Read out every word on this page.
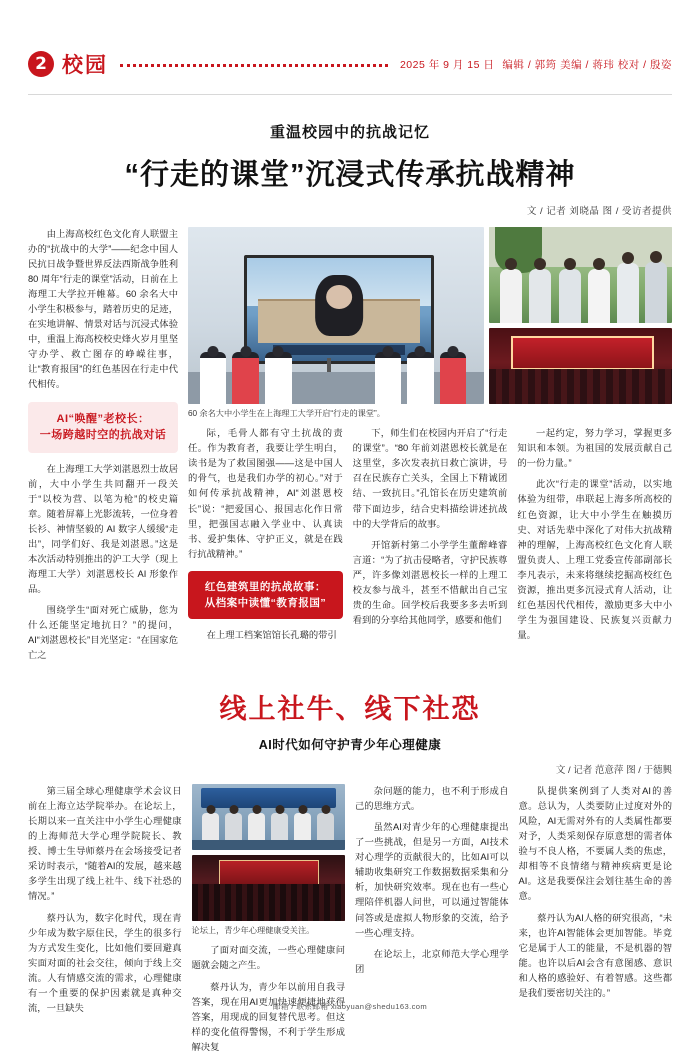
2 校园	2025 年 9 月 15 日 编辑 / 郭筠 美编 / 蒋玮 校对 / 殷姿
重温校园中的抗战记忆
“行走的课堂”沉浸式传承抗战精神
文 / 记者 刘晓晶 图 / 受访者提供

由上海高校红色文化育人联盟主办的“抗战中的大学”——纪念中国人民抗日战争暨世界反法西斯战争胜利 80 周年“行走的课堂”活动，日前在上海理工大学拉开帷幕。60 余名大中小学生积极参与，踏着历史的足迹，在实地讲解、情景对话与沉浸式体验中，重温上海高校校史烽火岁月里坚守办学、救亡图存的峥嵘往事，让“教育报国”的红色基因在行走中代代相传。

AI“唤醒”老校长：
一场跨越时空的抗战对话

在上海理工大学刘湛恩烈士故居前，大中小学生共同翻开一段关于“以校为营、以笔为枪”的校史篇章。随着屏幕上光影流转，一位身着长衫、神情坚毅的 AI 数字人缓缓“走出”，同学们好、我是刘湛恩。”这是本次活动特别推出的沪工大学（现上海理工大学）刘湛恩校长 AI 形象作品。

围绕学生“面对死亡威胁，您为什么还能坚定地抗日？”的提问，AI“刘湛恩校长”目光坚定：“在国家危亡之

60 余名大中小学生在上海理工大学开启“行走的课堂”。

际，毛骨人都有守土抗战的责任。作为教育者，我要让学生明白，读书是为了救国图强——这是中国人的骨气，也是我们办学的初心。”对于如何传承抗战精神，AI“刘湛恩校长”说：“把爱国心、报国志化作日常里，把强国志融入学业中、认真读书、爱护集体、守护正义，就是在践行抗战精神。”

红色建筑里的抗战故事：
从档案中读懂“教育报国”

在上理工档案馆馆长孔璐的带引

下，师生们在校园内开启了“行走的课堂”。“80 年前刘湛恩校长就是在这里堂，多次发表抗日救亡演讲，号召在民族存亡关头，全国上下精诚团结、一致抗日。”孔馆长在历史建筑前带下面边步，结合史料描绘讲述抗战中的大学背后的故事。

开馆新村第二小学学生董醉峰睿言道：“为了抗击侵略者，守护民族尊严，许多像刘湛恩校长一样的上理工校友参与战斗，甚至不惜献出自己宝贵的生命。回学校后我要多多去听到看到的分享给其他同学，感要和他们

一起约定，努力学习，掌握更多知识和本领。为祖国的发展贡献自己的一份力量。”

此次“行走的课堂”活动，以实地体验为纽带，串联起上海多所高校的红色资源，让大中小学生在触摸历史、对话先辈中深化了对伟大抗战精神的理解，上海高校红色文化育人联盟负责人、上理工党委宣传部副部长李凡表示，未来将继续挖掘高校红色资源，推出更多沉浸式育人活动，让红色基因代代相传，激励更多大中小学生为强国建设、民族复兴贡献力量。

线上社牛、线下社恐
AI时代如何守护青少年心理健康
文 / 记者 范意萍 图 / 于德興

第三届全球心理健康学术会议日前在上海立达学院举办。在论坛上，长期以来一直关注中小学生心理健康的上海师范大学心理学院院长、教授、博士生导师蔡丹在会场接受记者采访时表示，“随着AI的发展，越来越多学生出现了线上社牛、线下社恐的情况。”

蔡丹认为，数字化时代，现在青少年成为数字原住民，学生的很多行为方式发生变化，比如他们要回避真实面对面的社会交往，倾向于线上交流。人有情感交流的需求，心理健康有一个重要的保护因素就是真种交流，一旦缺失

论坛上，青少年心理健康受关注。

了面对面交流，一些心理健康问题就会随之产生。

蔡丹认为，青少年以前用自我寻答案，现在用AI更加快速便捷地获得答案，用现成的回复替代思考。但这样的变化值得警惕，不利于学生形成解决复

杂问题的能力，也不利于形成自己的思维方式。

虽然AI对青少年的心理健康提出了一些挑战，但是另一方面，AI技术对心理学的贡献很大的，比如AI可以辅助收集研究工作数据数据采集和分析，加快研究效率。现在也有一些心理陪伴机器人问世，可以通过智能体问答或是虚拟人物形象的交流，给予一些心理支持。

在论坛上，北京师范大学心理学团

队提供案例到了人类对AI的善意。总认为，人类要防止过度对外的风险，AI无需对外有的人类属性都要对予，人类采刻保存原意想的需者体验与不良人格，不要属人类的焦虑，却相等不良情绪与精神疾病更是论AI。这是我要保注会划往基生命的善意。

蔡丹认为AI人格的研究很高，“未来，也许AI智能体会更加智能。毕竟它是属于人工的能量，不是机器的智能。也许以后AI会含有意图感、意识和人格的感验好、有着智感。这些都是我们要密切关注的。”

邮箱 / 联系邮箱 xiaoyuan@shedu163.com
